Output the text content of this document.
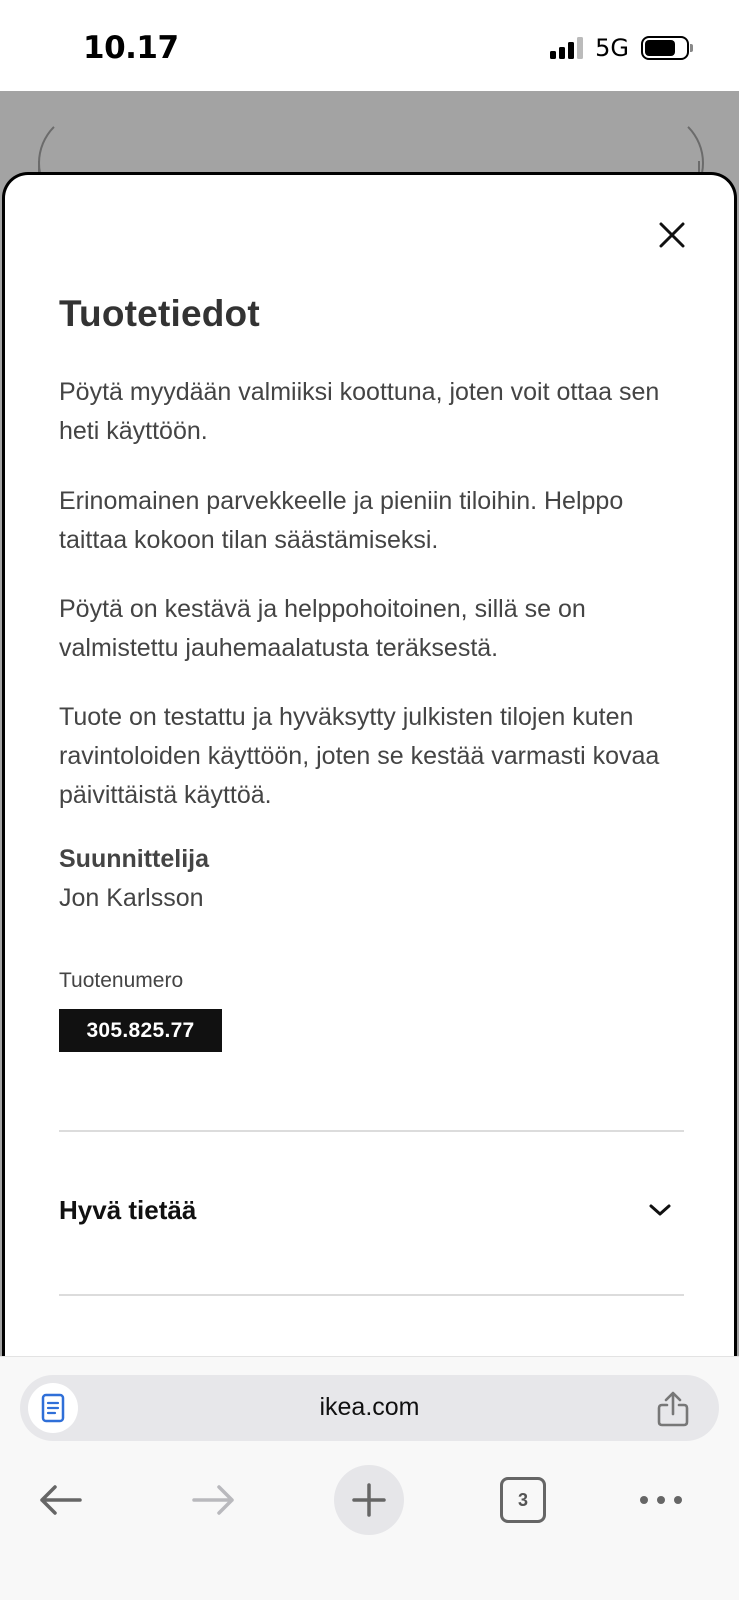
10.17	5G
Tuotetiedot

Pöytä myydään valmiiksi koottuna, joten voit ottaa sen heti käyttöön.

Erinomainen parvekkeelle ja pieniin tiloihin. Helppo taittaa kokoon tilan säästämiseksi.

Pöytä on kestävä ja helppohoitoinen, sillä se on valmistettu jauhemaalatusta teräksestä.

Tuote on testattu ja hyväksytty julkisten tilojen kuten ravintoloiden käyttöön, joten se kestää varmasti kovaa päivittäistä käyttöä.

Suunnittelija
Jon Karlsson
Tuotenumero
305.825.77
Hyvä tietää
ikea.com
3
